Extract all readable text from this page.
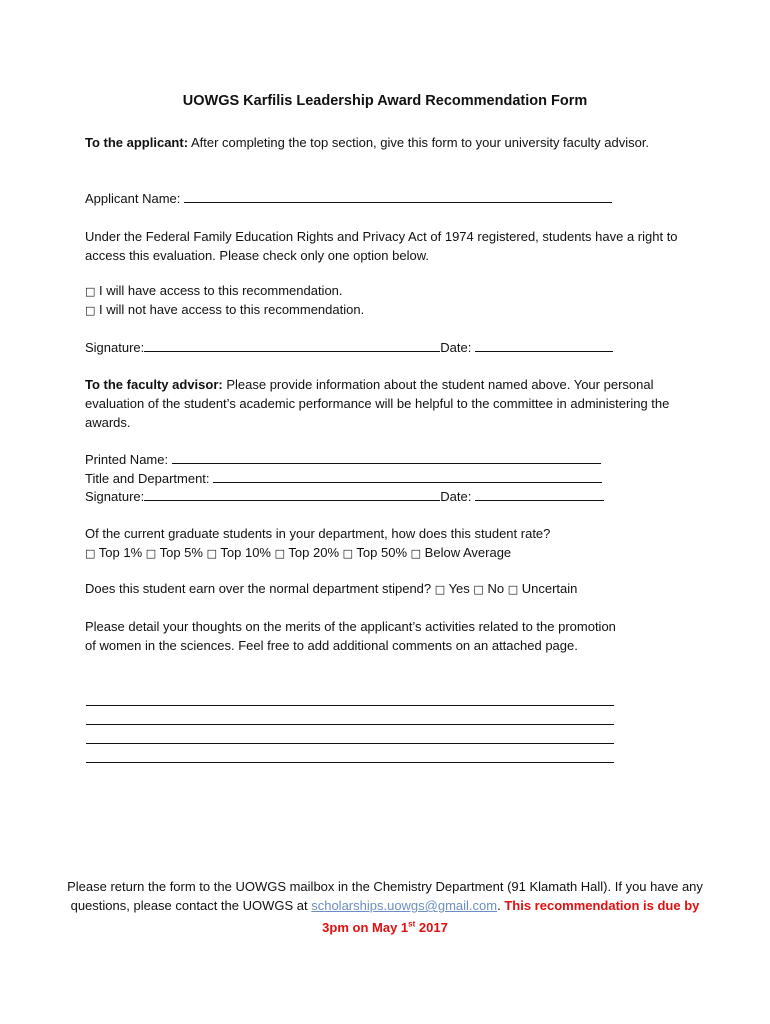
UOWGS Karfilis Leadership Award Recommendation Form
To the applicant: After completing the top section, give this form to your university faculty advisor.
Applicant Name:
Under the Federal Family Education Rights and Privacy Act of 1974 registered, students have a right to access this evaluation. Please check only one option below.
□ I will have access to this recommendation.
□ I will not have access to this recommendation.
Signature:	Date:
To the faculty advisor: Please provide information about the student named above. Your personal evaluation of the student’s academic performance will be helpful to the committee in administering the awards.
Printed Name:
Title and Department:
Signature:	Date:
Of the current graduate students in your department, how does this student rate?
□ Top 1% □ Top 5% □ Top 10% □ Top 20% □ Top 50% □ Below Average
Does this student earn over the normal department stipend? □ Yes □ No □ Uncertain
Please detail your thoughts on the merits of the applicant’s activities related to the promotion of women in the sciences. Feel free to add additional comments on an attached page.
Please return the form to the UOWGS mailbox in the Chemistry Department (91 Klamath Hall). If you have any questions, please contact the UOWGS at scholarships.uowgs@gmail.com. This recommendation is due by 3pm on May 1st 2017
